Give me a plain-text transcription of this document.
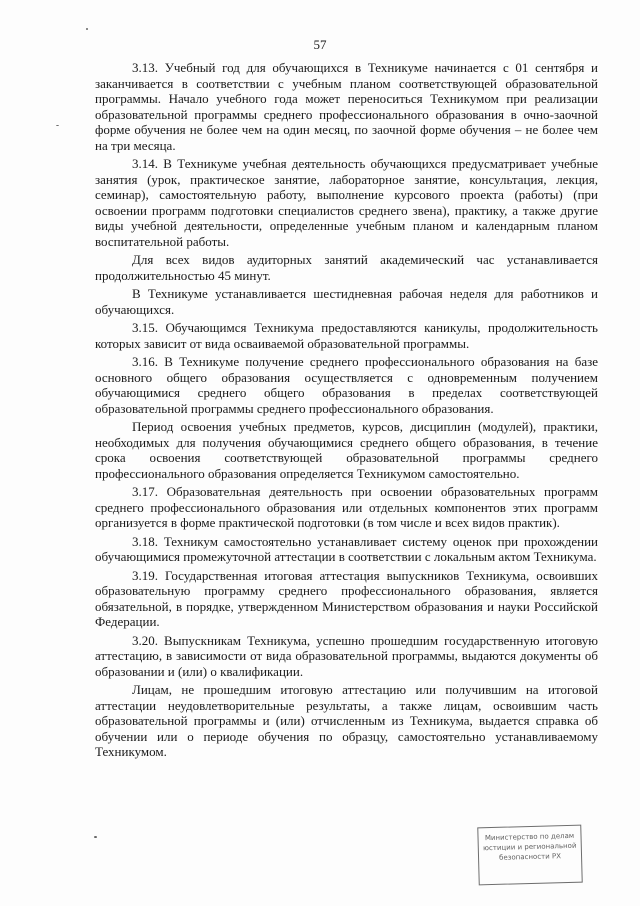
57

3.13. Учебный год для обучающихся в Техникуме начинается с 01 сентября и заканчивается в соответствии с учебным планом соответствующей образовательной программы. Начало учебного года может переноситься Техникумом при реализации образовательной программы среднего профессионального образования в очно-заочной форме обучения не более чем на один месяц, по заочной форме обучения – не более чем на три месяца.

3.14. В Техникуме учебная деятельность обучающихся предусматривает учебные занятия (урок, практическое занятие, лабораторное занятие, консультация, лекция, семинар), самостоятельную работу, выполнение курсового проекта (работы) (при освоении программ подготовки специалистов среднего звена), практику, а также другие виды учебной деятельности, определенные учебным планом и календарным планом воспитательной работы.

Для всех видов аудиторных занятий академический час устанавливается продолжительностью 45 минут.

В Техникуме устанавливается шестидневная рабочая неделя для работников и обучающихся.

3.15. Обучающимся Техникума предоставляются каникулы, продолжительность которых зависит от вида осваиваемой образовательной программы.

3.16. В Техникуме получение среднего профессионального образования на базе основного общего образования осуществляется с одновременным получением обучающимися среднего общего образования в пределах соответствующей образовательной программы среднего профессионального образования.

Период освоения учебных предметов, курсов, дисциплин (модулей), практики, необходимых для получения обучающимися среднего общего образования, в течение срока освоения соответствующей образовательной программы среднего профессионального образования определяется Техникумом самостоятельно.

3.17. Образовательная деятельность при освоении образовательных программ среднего профессионального образования или отдельных компонентов этих программ организуется в форме практической подготовки (в том числе и всех видов практик).

3.18. Техникум самостоятельно устанавливает систему оценок при прохождении обучающимися промежуточной аттестации в соответствии с локальным актом Техникума.

3.19. Государственная итоговая аттестация выпускников Техникума, освоивших образовательную программу среднего профессионального образования, является обязательной, в порядке, утвержденном Министерством образования и науки Российской Федерации.

3.20. Выпускникам Техникума, успешно прошедшим государственную итоговую аттестацию, в зависимости от вида образовательной программы, выдаются документы об образовании и (или) о квалификации.

Лицам, не прошедшим итоговую аттестацию или получившим на итоговой аттестации неудовлетворительные результаты, а также лицам, освоившим часть образовательной программы и (или) отчисленным из Техникума, выдается справка об обучении или о периоде обучения по образцу, самостоятельно устанавливаемому Техникумом.

Министерство по делам
юстиции и региональной
безопасности РХ
